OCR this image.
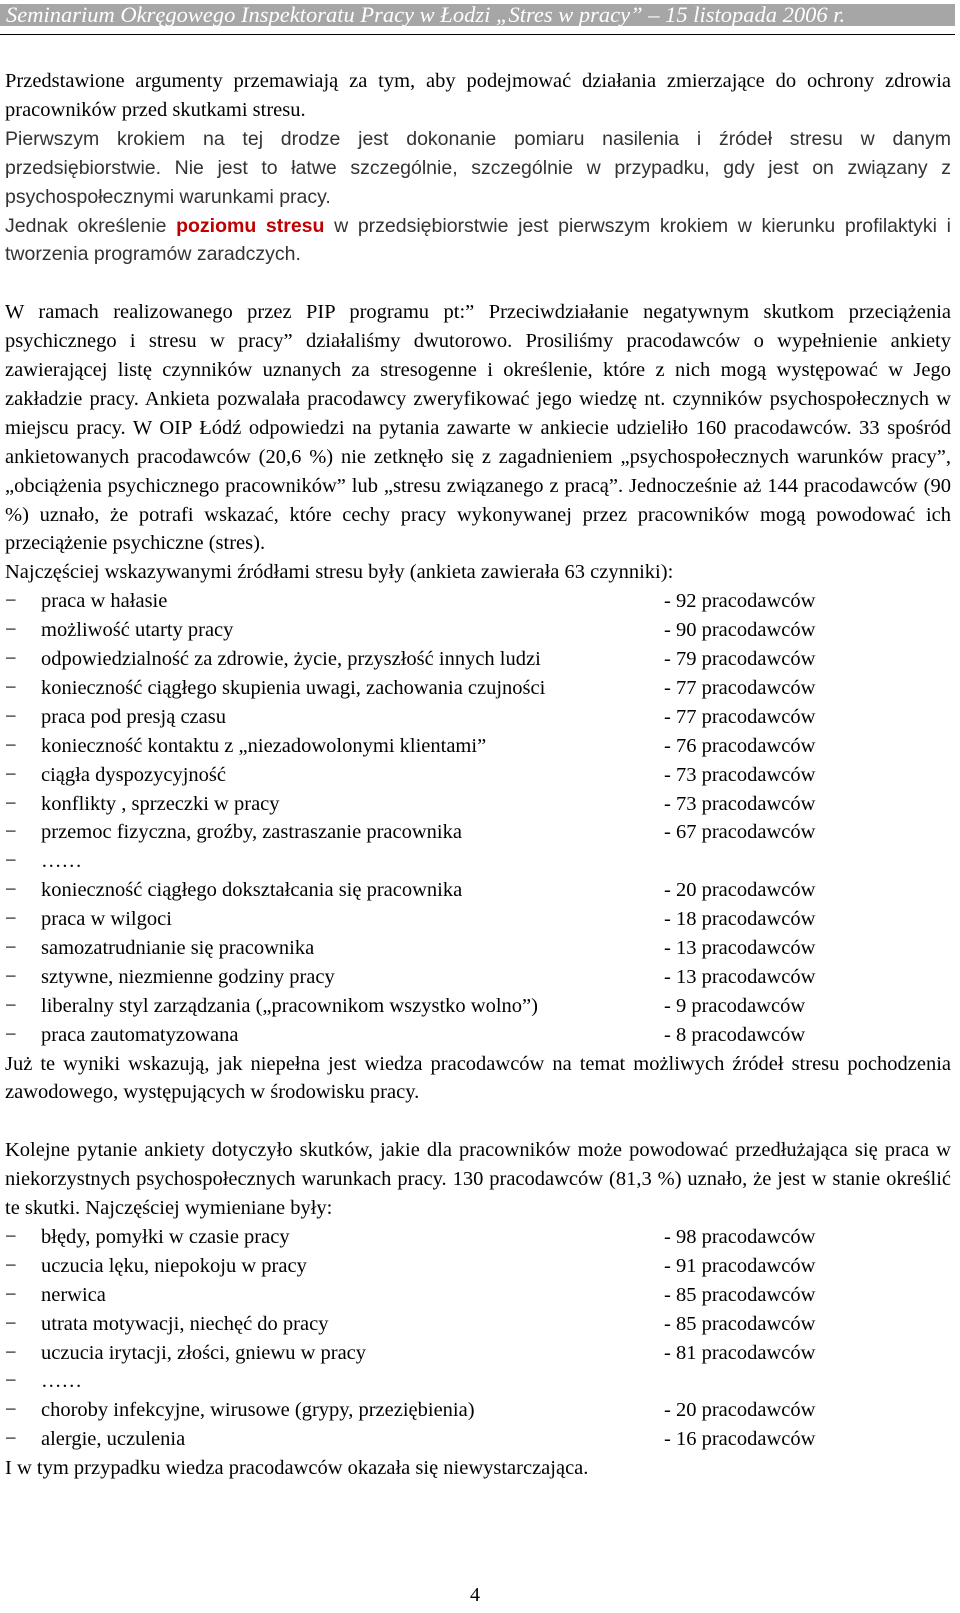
Seminarium Okręgowego Inspektoratu Pracy w Łodzi „Stres w pracy” – 15 listopada 2006 r.

Przedstawione argumenty przemawiają za tym, aby podejmować działania zmierzające do ochrony zdrowia pracowników przed skutkami stresu.

Pierwszym krokiem na tej drodze jest dokonanie pomiaru nasilenia i źródeł stresu w danym przedsiębiorstwie. Nie jest to łatwe szczególnie, szczególnie w przypadku, gdy jest on związany z psychospołecznymi warunkami pracy.

Jednak określenie poziomu stresu w przedsiębiorstwie jest pierwszym krokiem w kierunku profilaktyki i tworzenia programów zaradczych.

W ramach realizowanego przez PIP programu pt:” Przeciwdziałanie negatywnym skutkom przeciążenia psychicznego i stresu w pracy” działaliśmy dwutorowo. Prosiliśmy pracodawców o wypełnienie ankiety zawierającej listę czynników uznanych za stresogenne i określenie, które z nich mogą występować w Jego zakładzie pracy. Ankieta pozwalała pracodawcy zweryfikować jego wiedzę nt. czynników psychospołecznych w miejscu pracy. W OIP Łódź odpowiedzi na pytania zawarte w ankiecie udzieliło 160 pracodawców. 33 spośród ankietowanych pracodawców (20,6 %) nie zetknęło się z zagadnieniem „psychospołecznych warunków pracy”, „obciążenia psychicznego pracowników” lub „stresu związanego z pracą”. Jednocześnie aż 144 pracodawców (90 %) uznało, że potrafi wskazać, które cechy pracy wykonywanej przez pracowników mogą powodować ich przeciążenie psychiczne (stres).

Najczęściej wskazywanymi źródłami stresu były (ankieta zawierała 63 czynniki):

−	praca w hałasie	- 92 pracodawców
−	możliwość utarty pracy	- 90 pracodawców
−	odpowiedzialność za zdrowie, życie, przyszłość innych ludzi	- 79 pracodawców
−	konieczność ciągłego skupienia uwagi, zachowania czujności	- 77 pracodawców
−	praca pod presją czasu	- 77 pracodawców
−	konieczność kontaktu z „niezadowolonymi klientami”	- 76 pracodawców
−	ciągła dyspozycyjność	- 73 pracodawców
−	konflikty , sprzeczki w pracy	- 73 pracodawców
−	przemoc fizyczna, groźby, zastraszanie pracownika	- 67 pracodawców
−	……
−	konieczność ciągłego dokształcania się pracownika	- 20 pracodawców
−	praca w wilgoci	- 18 pracodawców
−	samozatrudnianie się pracownika	- 13 pracodawców
−	sztywne, niezmienne godziny pracy	- 13 pracodawców
−	liberalny styl zarządzania („pracownikom wszystko wolno”)	- 9 pracodawców
−	praca zautomatyzowana	- 8 pracodawców

Już te wyniki wskazują, jak niepełna jest wiedza pracodawców na temat możliwych źródeł stresu pochodzenia zawodowego, występujących w środowisku pracy.

Kolejne pytanie ankiety dotyczyło skutków, jakie dla pracowników może powodować przedłużająca się praca w niekorzystnych psychospołecznych warunkach pracy. 130 pracodawców (81,3 %) uznało, że jest w stanie określić te skutki. Najczęściej wymieniane były:

−	błędy, pomyłki w czasie pracy	- 98 pracodawców
−	uczucia lęku, niepokoju w pracy	- 91 pracodawców
−	nerwica	- 85 pracodawców
−	utrata motywacji, niechęć do pracy	- 85 pracodawców
−	uczucia irytacji, złości, gniewu w pracy	- 81 pracodawców
−	……
−	choroby infekcyjne, wirusowe (grypy, przeziębienia)	- 20 pracodawców
−	alergie, uczulenia	- 16 pracodawców

I w tym przypadku wiedza pracodawców okazała się niewystarczająca.

4
